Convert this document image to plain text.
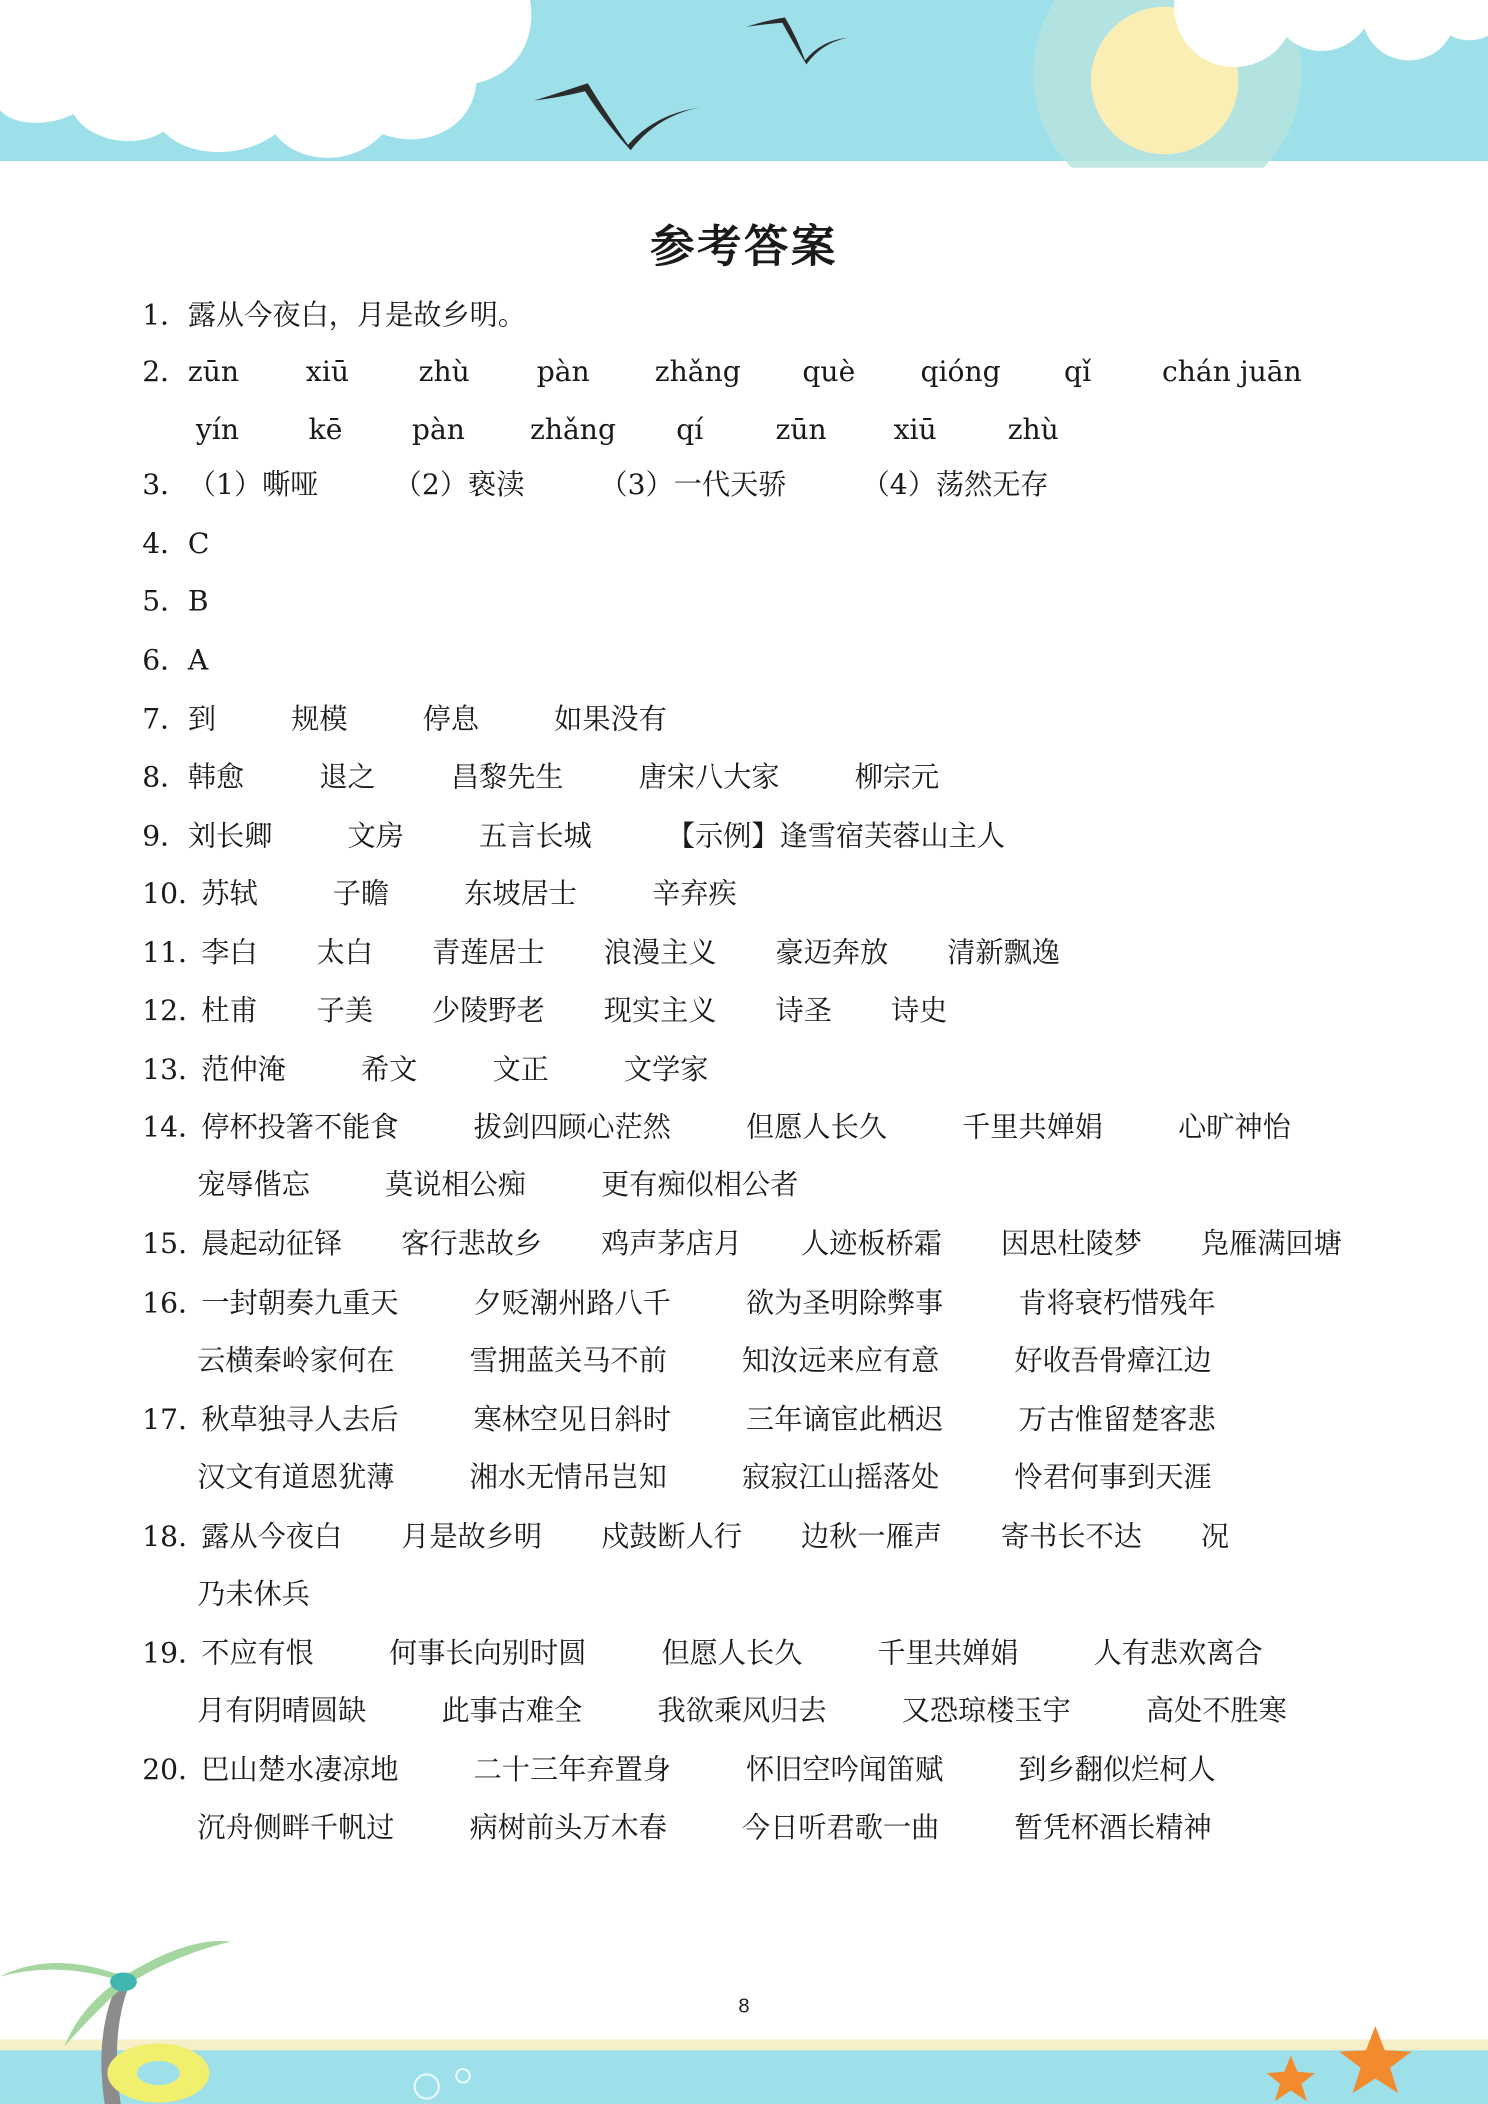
参考答案
1． 露从今夜白，月是故乡明。
2． zūn	xiū	zhù	pàn	zhǎng	què	qióng	qǐ	chán juān
yín	kē	pàn	zhǎng	qí	zūn	xiū	zhù
3． （1）嘶哑	（2）亵渎	（3）一代天骄	（4）荡然无存
4． C
5． B
6． A
7． 到	规模	停息	如果没有
8． 韩愈	退之	昌黎先生	唐宋八大家	柳宗元
9． 刘长卿	文房	五言长城	【示例】逢雪宿芙蓉山主人
10．
苏轼	子瞻	东坡居士	辛弃疾
11．
李白	太白	青莲居士	浪漫主义	豪迈奔放	清新飘逸
12．
杜甫	子美	少陵野老	现实主义	诗圣	诗史
13．
范仲淹	希文	文正	文学家
14．
停杯投箸不能食	拔剑四顾心茫然	但愿人长久	千里共婵娟	心旷神怡
宠辱偕忘	莫说相公痴	更有痴似相公者
15. 晨起动征铎	客行悲故乡	鸡声茅店月	人迹板桥霜	因思杜陵梦	凫雁满回塘
16．
一封朝奏九重天	夕贬潮州路八千	欲为圣明除弊事	肯将衰朽惜残年
云横秦岭家何在	雪拥蓝关马不前	知汝远来应有意	好收吾骨瘴江边
17．
秋草独寻人去后	寒林空见日斜时	三年谪宦此栖迟	万古惟留楚客悲
汉文有道恩犹薄	湘水无情吊岂知	寂寂江山摇落处	怜君何事到天涯
18. 露从今夜白	月是故乡明	戍鼓断人行	边秋一雁声	寄书长不达	况
乃未休兵
19．
不应有恨	何事长向别时圆	但愿人长久	千里共婵娟	人有悲欢离合
月有阴晴圆缺	此事古难全	我欲乘风归去	又恐琼楼玉宇	高处不胜寒
20．
巴山楚水凄凉地	二十三年弃置身	怀旧空吟闻笛赋	到乡翻似烂柯人
沉舟侧畔千帆过	病树前头万木春	今日听君歌一曲	暂凭杯酒长精神
8
